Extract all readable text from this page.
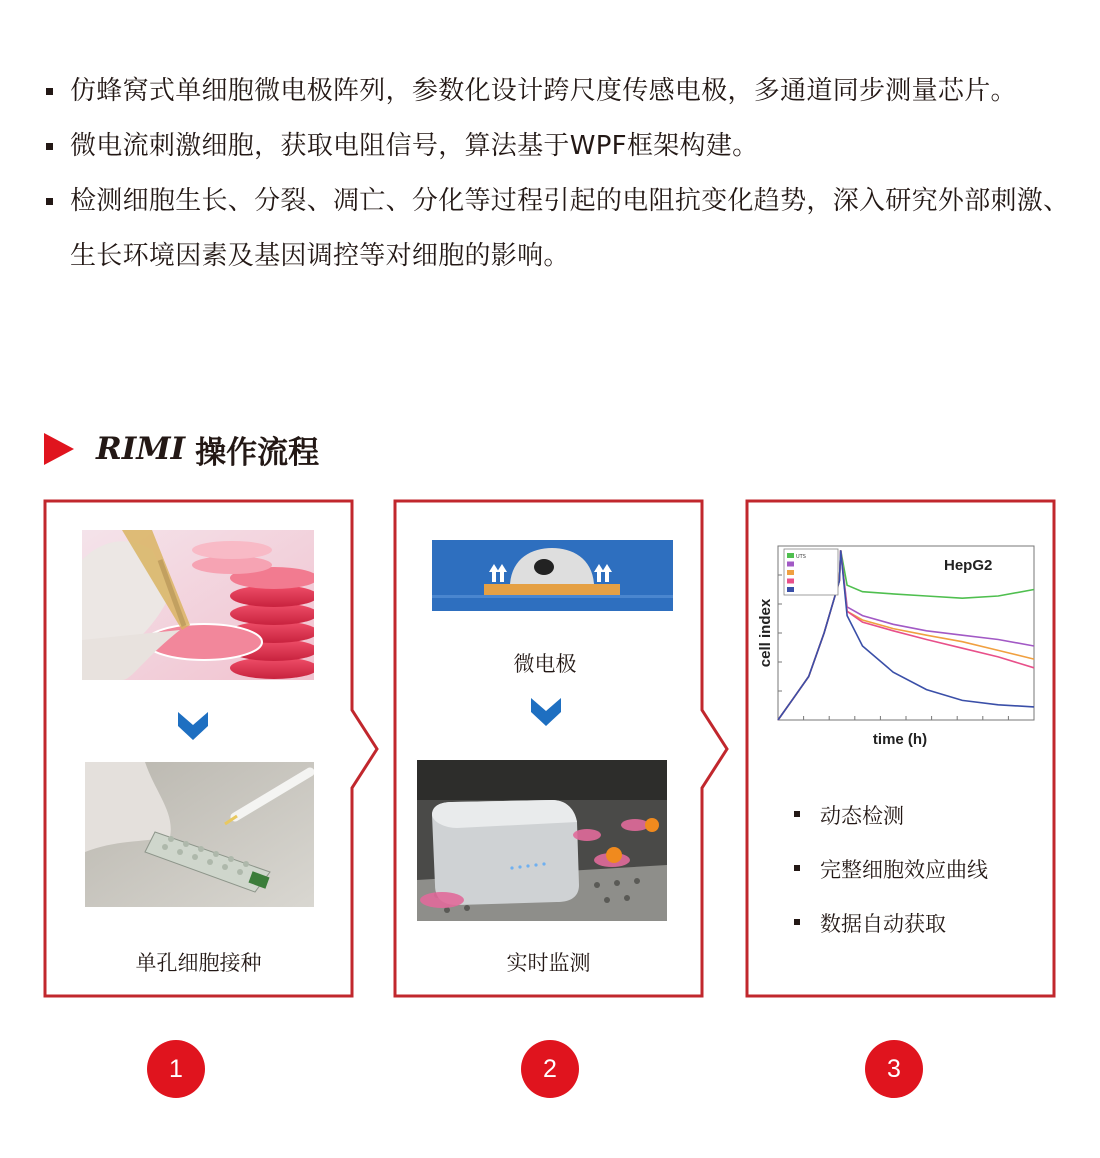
仿蜂窝式单细胞微电极阵列，参数化设计跨尺度传感电极，多通道同步测量芯片。
微电流刺激细胞，获取电阻信号，算法基于WPF框架构建。
检测细胞生长、分裂、凋亡、分化等过程引起的电阻抗变化趋势，深入研究外部刺激、生长环境因素及基因调控等对细胞的影响。
RIMI 操作流程
单孔细胞接种
微电极
实时监测
UTS	HepG2
time (h)
cell index
动态检测
完整细胞效应曲线
数据自动获取
1	2	3
